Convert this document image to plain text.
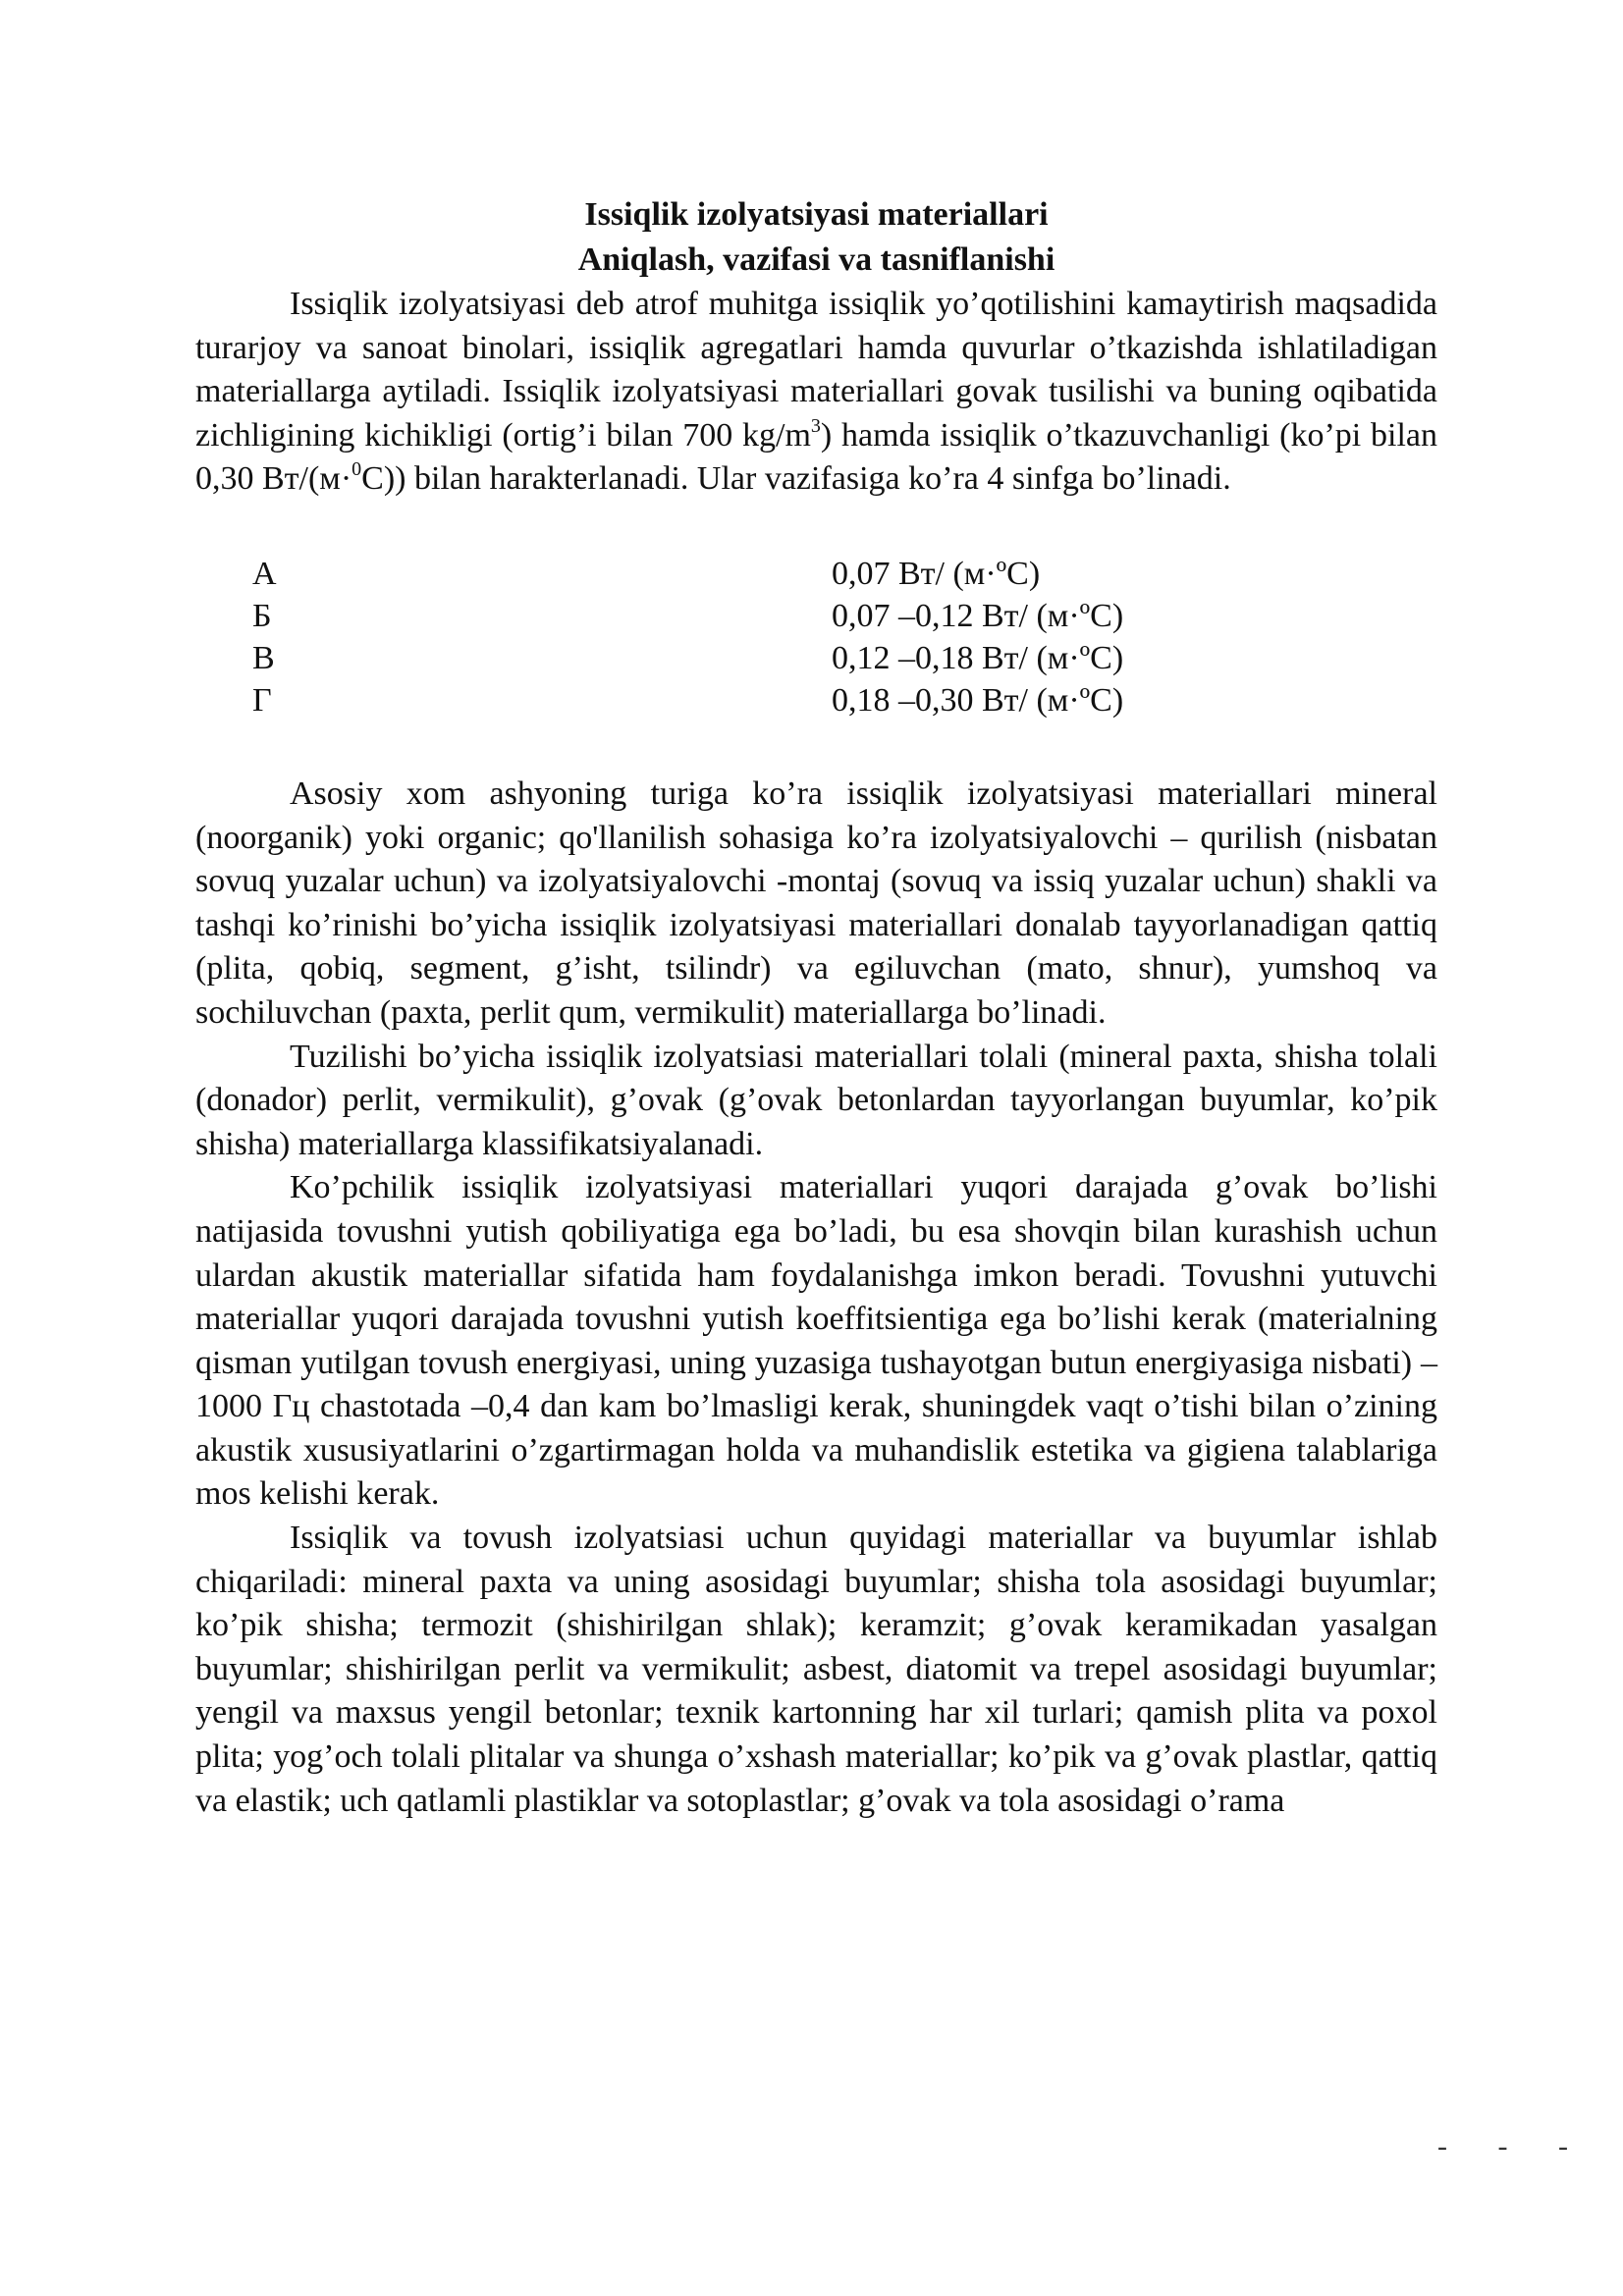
Issiqlik izolyatsiyasi materiallari
Aniqlash, vazifasi va tasniflanishi

Issiqlik izolyatsiyasi deb atrof muhitga issiqlik yo’qotilishini kamaytirish maqsadida turarjoy va sanoat binolari, issiqlik agregatlari hamda quvurlar o’tkazishda ishlatiladigan materiallarga aytiladi. Issiqlik izolyatsiyasi materiallari govak tusilishi va buning oqibatida zichligining kichikligi (ortig’i bilan 700 $kg/m^3$) hamda issiqlik o’tkazuvchanligi (ko’pi bilan 0,30 Вт/(м·$^0$С)) bilan harakterlanadi. Ular vazifasiga ko’ra 4 sinfga bo’linadi.

А	0,07 Вт/ (м·ºС)
Б	0,07 –0,12 Вт/ (м·ºС)
В	0,12 –0,18 Вт/ (м·ºС)
Г	0,18 –0,30 Вт/ (м·ºС)

Asosiy xom ashyoning turiga ko’ra issiqlik izolyatsiyasi materiallari mineral (noorganik) yoki organic; qo'llanilish sohasiga ko’ra izolyatsiyalovchi – qurilish (nisbatan sovuq yuzalar uchun) va izolyatsiyalovchi -montaj (sovuq va issiq yuzalar uchun) shakli va tashqi ko’rinishi bo’yicha issiqlik izolyatsiyasi materiallari donalab tayyorlanadigan qattiq (plita, qobiq, segment, g’isht, tsilindr) va egiluvchan (mato, shnur), yumshoq va sochiluvchan (paxta, perlit qum, vermikulit) materiallarga bo’linadi.

Tuzilishi bo’yicha issiqlik izolyatsiasi materiallari tolali (mineral paxta, shisha tolali (donador) perlit, vermikulit), g’ovak (g’ovak betonlardan tayyorlangan buyumlar, ko’pik shisha) materiallarga klassifikatsiyalanadi.

Ko’pchilik issiqlik izolyatsiyasi materiallari yuqori darajada g’ovak bo’lishi natijasida tovushni yutish qobiliyatiga ega bo’ladi, bu esa shovqin bilan kurashish uchun ulardan akustik materiallar sifatida ham foydalanishga imkon beradi. Tovushni yutuvchi materiallar yuqori darajada tovushni yutish koeffitsientiga ega bo’lishi kerak (materialning qisman yutilgan tovush energiyasi, uning yuzasiga tushayotgan butun energiyasiga nisbati) – 1000 Гц chastotada –0,4 dan kam bo’lmasligi kerak, shuningdek vaqt o’tishi bilan o’zining akustik xususiyatlarini o’zgartirmagan holda va muhandislik estetika va gigiena talablariga mos kelishi kerak.

Issiqlik va tovush izolyatsiasi uchun quyidagi materiallar va buyumlar ishlab chiqariladi: mineral paxta va uning asosidagi buyumlar; shisha tola asosidagi buyumlar; ko’pik shisha; termozit (shishirilgan shlak); keramzit; g’ovak keramikadan yasalgan buyumlar; shishirilgan perlit va vermikulit; asbest, diatomit va trepel asosidagi buyumlar; yengil va maxsus yengil betonlar; texnik kartonning har xil turlari; qamish plita va poxol plita; yog’och tolali plitalar va shunga o’xshash materiallar; ko’pik va g’ovak plastlar, qattiq va elastik; uch qatlamli plastiklar va sotoplastlar; g’ovak va tola asosidagi o’rama

- - -
